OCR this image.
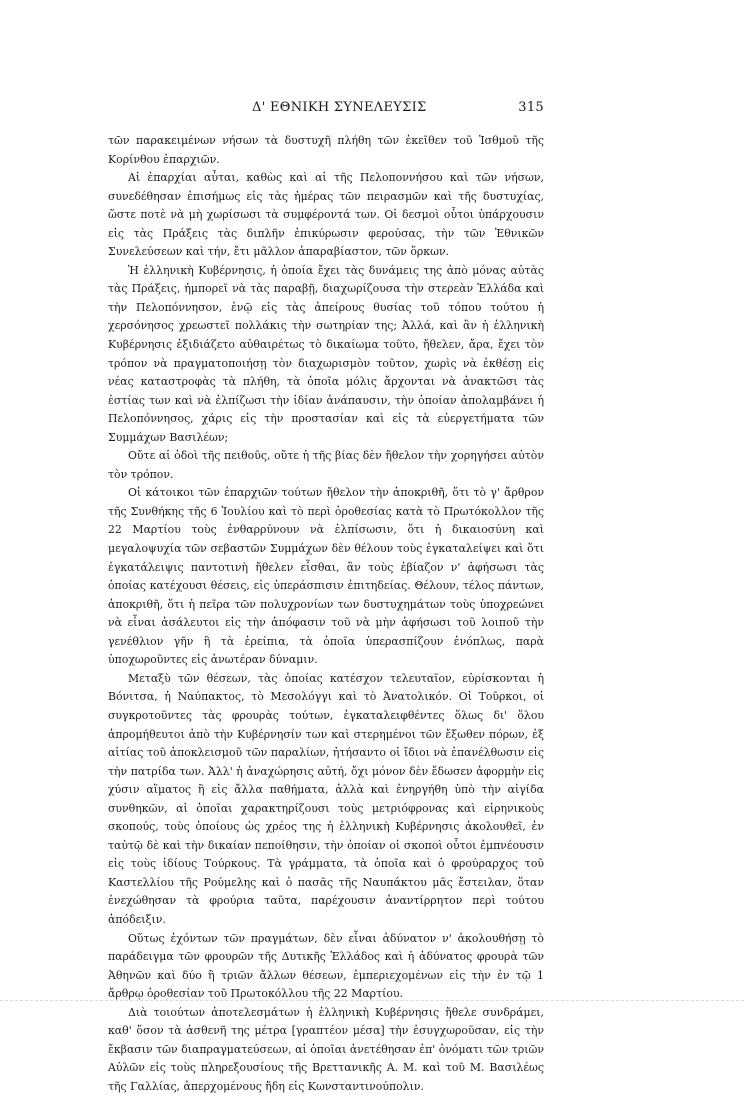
Δ' ΕΘΝΙΚΗ ΣΥΝΕΛΕΥΣΙΣ	315

τῶν παρακειμένων νήσων τὰ δυστυχῆ πλήθη τῶν ἐκεῖθεν τοῦ Ἰσθμοῦ τῆς Κορίνθου ἐπαρχιῶν.

Αἱ ἐπαρχίαι αὗται, καθὼς καὶ αἱ τῆς Πελοποννήσου καὶ τῶν νήσων, συνεδέθησαν ἐπισήμως εἰς τὰς ἡμέρας τῶν πειρασμῶν καὶ τῆς δυστυχίας, ὥστε ποτὲ νὰ μὴ χωρίσωσι τὰ συμφέροντά των. Οἱ δεσμοὶ οὗτοι ὑπάρχουσιν εἰς τὰς Πράξεις τὰς διπλῆν ἐπικύρωσιν φερούσας, τὴν τῶν Ἐθνικῶν Συνελεύσεων καὶ τήν, ἔτι μᾶλλον ἀπαραβίαστον, τῶν ὅρκων.

Ἡ ἑλληνικὴ Κυβέρνησις, ἡ ὁποία ἔχει τὰς δυνάμεις της ἀπὸ μόνας αὐτὰς τὰς Πράξεις, ἠμπορεῖ νὰ τὰς παραβῇ, διαχωρίζουσα τὴν στερεὰν Ἑλλάδα καὶ τὴν Πελοπόννησον, ἐνῷ εἰς τὰς ἀπείρους θυσίας τοῦ τόπου τούτου ἡ χερσόνησος χρεωστεῖ πολλάκις τὴν σωτηρίαν της; Ἀλλά, καὶ ἂν ἡ ἑλληνικὴ Κυβέρνησις ἐξιδιάζετο αὐθαιρέτως τὸ δικαίωμα τοῦτο, ἤθελεν, ἄρα, ἔχει τὸν τρόπον νὰ πραγματοποιήσῃ τὸν διαχωρισμὸν τοῦτον, χωρὶς νὰ ἐκθέσῃ εἰς νέας καταστροφὰς τὰ πλήθη, τὰ ὁποῖα μόλις ἄρχονται νὰ ἀνακτῶσι τὰς ἑστίας των καὶ νὰ ἐλπίζωσι τὴν ἰδίαν ἀνάπαυσιν, τὴν ὁποίαν ἀπολαμβάνει ἡ Πελοπόννησος, χάρις εἰς τὴν προστασίαν καὶ εἰς τὰ εὐεργετήματα τῶν Συμμάχων Βασιλέων;

Οὔτε αἱ ὁδοὶ τῆς πειθοῦς, οὔτε ἡ τῆς βίας δὲν ἤθελον τὴν χορηγήσει αὐτὸν τὸν τρόπον.

Οἱ κάτοικοι τῶν ἐπαρχιῶν τούτων ἤθελον τὴν ἀποκριθῆ, ὅτι τὸ γ' ἄρθρον τῆς Συνθήκης τῆς 6 Ἰουλίου καὶ τὸ περὶ ὁροθεσίας κατὰ τὸ Πρωτόκολλον τῆς 22 Μαρτίου τοὺς ἐνθαρρύνουν νὰ ἐλπίσωσιν, ὅτι ἡ δικαιοσύνη καὶ μεγαλοψυχία τῶν σεβαστῶν Συμμάχων δὲν θέλουν τοὺς ἐγκαταλείψει καὶ ὅτι ἐγκατάλειψις παντοτινὴ ἤθελεν εἶσθαι, ἂν τοὺς ἐβίαζον ν' ἀφήσωσι τὰς ὁποίας κατέχουσι θέσεις, εἰς ὑπεράσπισιν ἐπιτηδείας. Θέλουν, τέλος πάντων, ἀποκριθῆ, ὅτι ἡ πεῖρα τῶν πολυχρονίων των δυστυχημάτων τοὺς ὑποχρεώνει νὰ εἶναι ἀσάλευτοι εἰς τὴν ἀπόφασιν τοῦ νὰ μὴν ἀφήσωσι τοῦ λοιποῦ τὴν γενέθλιον γῆν ἢ τὰ ἐρείπια, τὰ ὁποῖα ὑπερασπίζουν ἐνόπλως, παρὰ ὑποχωροῦντες εἰς ἀνωτέραν δύναμιν.

Μεταξὺ τῶν θέσεων, τὰς ὁποίας κατέσχον τελευταῖον, εὑρίσκονται ἡ Βόνιτσα, ἡ Ναύπακτος, τὸ Μεσολόγγι καὶ τὸ Ἀνατολικόν. Οἱ Τοῦρκοι, οἱ συγκροτοῦντες τὰς φρουρὰς τούτων, ἐγκαταλειφθέντες ὅλως δι' ὅλου ἀπρομήθευτοι ἀπὸ τὴν Κυβέρνησίν των καὶ στερημένοι τῶν ἔξωθεν πόρων, ἐξ αἰτίας τοῦ ἀποκλεισμοῦ τῶν παραλίων, ἠτήσαντο οἱ ἴδιοι νὰ ἐπανέλθωσιν εἰς τὴν πατρίδα των. Ἀλλ' ἡ ἀναχώρησις αὐτή, ὄχι μόνον δὲν ἔδωσεν ἀφορμὴν εἰς χύσιν αἵματος ἢ εἰς ἄλλα παθήματα, ἀλλὰ καὶ ἐνηργήθη ὑπὸ τὴν αἰγίδα συνθηκῶν, αἱ ὁποῖαι χαρακτηρίζουσι τοὺς μετριόφρονας καὶ εἰρηνικοὺς σκοπούς, τοὺς ὁποίους ὡς χρέος της ἡ ἑλληνικὴ Κυβέρνησις ἀκολουθεῖ, ἐν ταὐτῷ δὲ καὶ τὴν δικαίαν πεποίθησιν, τὴν ὁποίαν οἱ σκοποὶ οὗτοι ἐμπνέουσιν εἰς τοὺς ἰδίους Τούρκους. Τὰ γράμματα, τὰ ὁποῖα καὶ ὁ φρούραρχος τοῦ Καστελλίου τῆς Ρούμελης καὶ ὁ πασᾶς τῆς Ναυπάκτου μᾶς ἔστειλαν, ὅταν ἐνεχώθησαν τὰ φρούρια ταῦτα, παρέχουσιν ἀναντίρρητον περὶ τούτου ἀπόδειξιν.

Οὕτως ἐχόντων τῶν πραγμάτων, δὲν εἶναι ἀδύνατον ν' ἀκολουθήσῃ τὸ παράδειγμα τῶν φρουρῶν τῆς Δυτικῆς Ἑλλάδος καὶ ἡ ἀδύνατος φρουρὰ τῶν Ἀθηνῶν καὶ δύο ἢ τριῶν ἄλλων θέσεων, ἐμπεριεχομένων εἰς τὴν ἐν τῷ 1 ἄρθρῳ ὁροθεσίαν τοῦ Πρωτοκόλλου τῆς 22 Μαρτίου.

Διὰ τοιούτων ἀποτελεσμάτων ἡ ἑλληνικὴ Κυβέρνησις ἤθελε συνδράμει, καθ' ὅσον τὰ ἀσθενῆ της μέτρα [γραπτέον μέσα] τὴν ἐσυγχωροῦσαν, εἰς τὴν ἔκβασιν τῶν διαπραγματεύσεων, αἱ ὁποῖαι ἀνετέθησαν ἐπ' ὀνόματι τῶν τριῶν Αὐλῶν εἰς τοὺς πληρεξουσίους τῆς Βρεττανικῆς Α. Μ. καὶ τοῦ Μ. Βασιλέως τῆς Γαλλίας, ἀπερχομένους ἤδη εἰς Κωνσταντινούπολιν.
